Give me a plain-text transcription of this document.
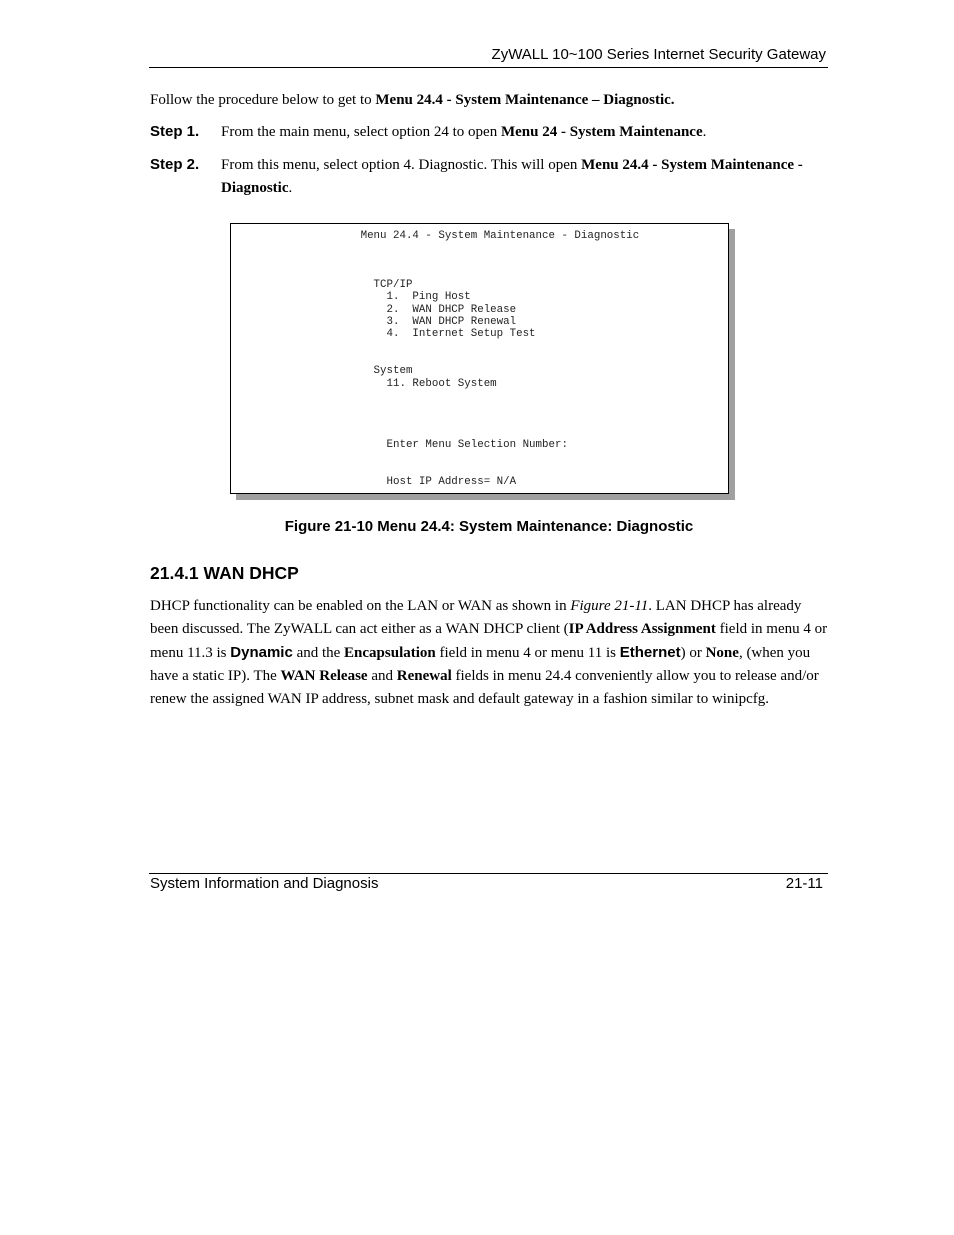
ZyWALL 10~100 Series Internet Security Gateway
Follow the procedure below to get to Menu 24.4 - System Maintenance – Diagnostic.
Step 1. From the main menu, select option 24 to open Menu 24 - System Maintenance.
Step 2. From this menu, select option 4. Diagnostic. This will open Menu 24.4 - System Maintenance - Diagnostic.
Menu 24.4 - System Maintenance - Diagnostic

TCP/IP
1.  Ping Host
2.  WAN DHCP Release
3.  WAN DHCP Renewal
4.  Internet Setup Test

System
11. Reboot System

Enter Menu Selection Number:

Host IP Address= N/A
Figure 21-10 Menu 24.4: System Maintenance: Diagnostic
21.4.1 WAN DHCP
DHCP functionality can be enabled on the LAN or WAN as shown in Figure 21-11. LAN DHCP has already been discussed. The ZyWALL can act either as a WAN DHCP client (IP Address Assignment field in menu 4 or menu 11.3 is Dynamic and the Encapsulation field in menu 4 or menu 11 is Ethernet) or None, (when you have a static IP). The WAN Release and Renewal fields in menu 24.4 conveniently allow you to release and/or renew the assigned WAN IP address, subnet mask and default gateway in a fashion similar to winipcfg.
System Information and Diagnosis	21-11
